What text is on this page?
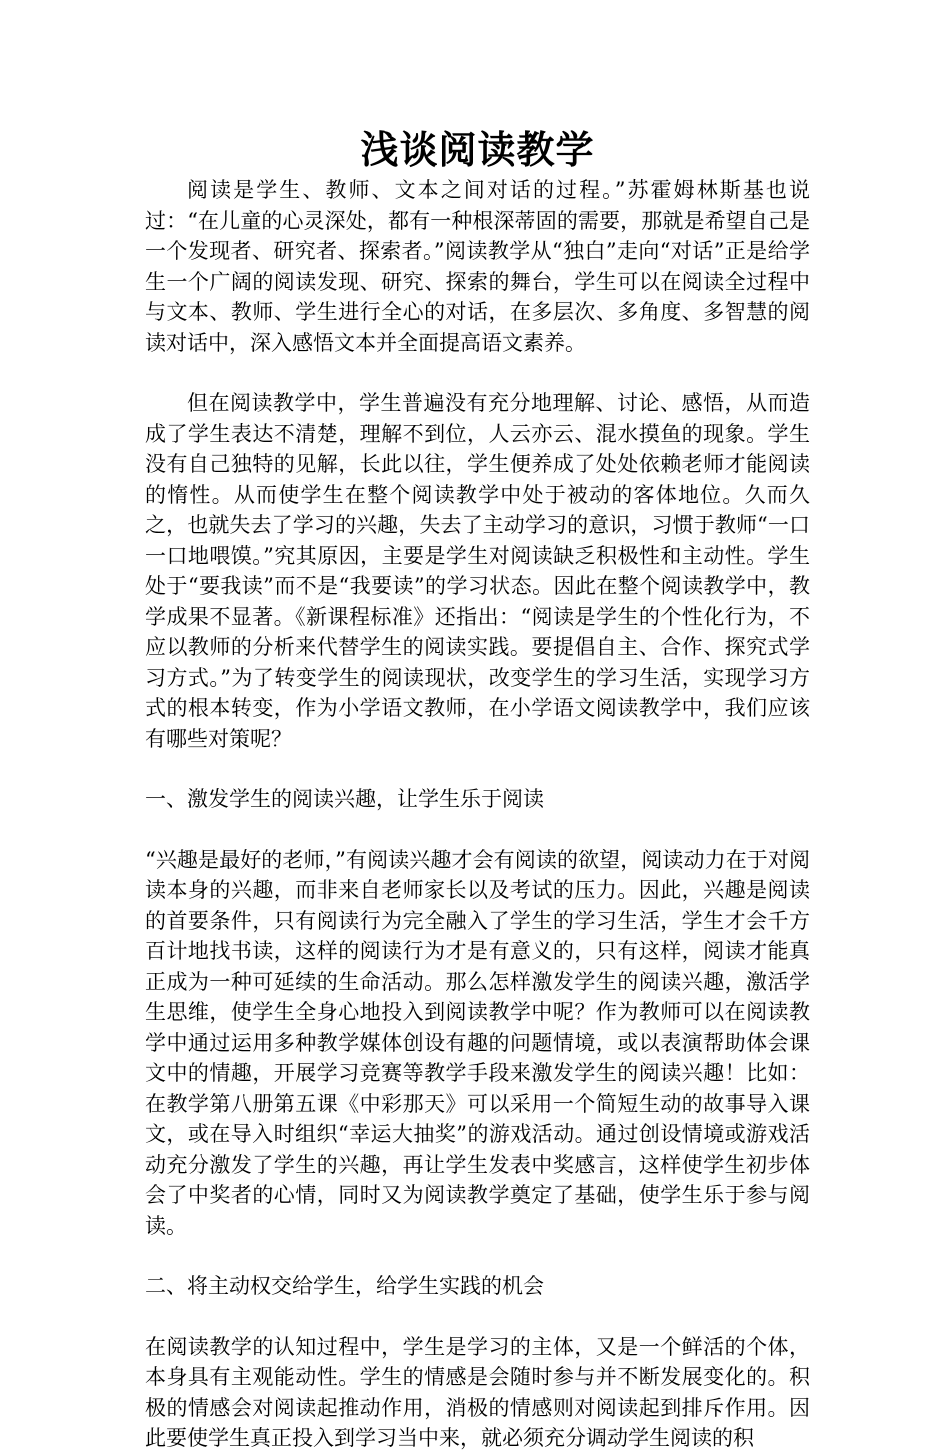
浅谈阅读教学

阅读是学生、教师、文本之间对话的过程。”苏霍姆林斯基也说过：“在儿童的心灵深处，都有一种根深蒂固的需要，那就是希望自己是一个发现者、研究者、探索者。”阅读教学从“独白”走向“对话”正是给学生一个广阔的阅读发现、研究、探索的舞台，学生可以在阅读全过程中与文本、教师、学生进行全心的对话，在多层次、多角度、多智慧的阅读对话中，深入感悟文本并全面提高语文素养。

但在阅读教学中，学生普遍没有充分地理解、讨论、感悟，从而造成了学生表达不清楚，理解不到位，人云亦云、混水摸鱼的现象。学生没有自己独特的见解，长此以往，学生便养成了处处依赖老师才能阅读的惰性。从而使学生在整个阅读教学中处于被动的客体地位。久而久之，也就失去了学习的兴趣，失去了主动学习的意识，习惯于教师“一口一口地喂馍。”究其原因，主要是学生对阅读缺乏积极性和主动性。学生处于“要我读”而不是“我要读”的学习状态。因此在整个阅读教学中，教学成果不显著。《新课程标准》还指出：“阅读是学生的个性化行为，不应以教师的分析来代替学生的阅读实践。要提倡自主、合作、探究式学习方式。”为了转变学生的阅读现状，改变学生的学习生活，实现学习方式的根本转变，作为小学语文教师，在小学语文阅读教学中，我们应该有哪些对策呢？

一、激发学生的阅读兴趣，让学生乐于阅读

“兴趣是最好的老师，”有阅读兴趣才会有阅读的欲望，阅读动力在于对阅读本身的兴趣，而非来自老师家长以及考试的压力。因此，兴趣是阅读的首要条件，只有阅读行为完全融入了学生的学习生活，学生才会千方百计地找书读，这样的阅读行为才是有意义的，只有这样，阅读才能真正成为一种可延续的生命活动。那么怎样激发学生的阅读兴趣，激活学生思维，使学生全身心地投入到阅读教学中呢？作为教师可以在阅读教学中通过运用多种教学媒体创设有趣的问题情境，或以表演帮助体会课文中的情趣，开展学习竞赛等教学手段来激发学生的阅读兴趣！比如：在教学第八册第五课《中彩那天》可以采用一个简短生动的故事导入课文，或在导入时组织“幸运大抽奖”的游戏活动。通过创设情境或游戏活动充分激发了学生的兴趣，再让学生发表中奖感言，这样使学生初步体会了中奖者的心情，同时又为阅读教学奠定了基础，使学生乐于参与阅读。

二、将主动权交给学生，给学生实践的机会

在阅读教学的认知过程中，学生是学习的主体，又是一个鲜活的个体，本身具有主观能动性。学生的情感是会随时参与并不断发展变化的。积极的情感会对阅读起推动作用，消极的情感则对阅读起到排斥作用。因此要使学生真正投入到学习当中来，就必须充分调动学生阅读的积
